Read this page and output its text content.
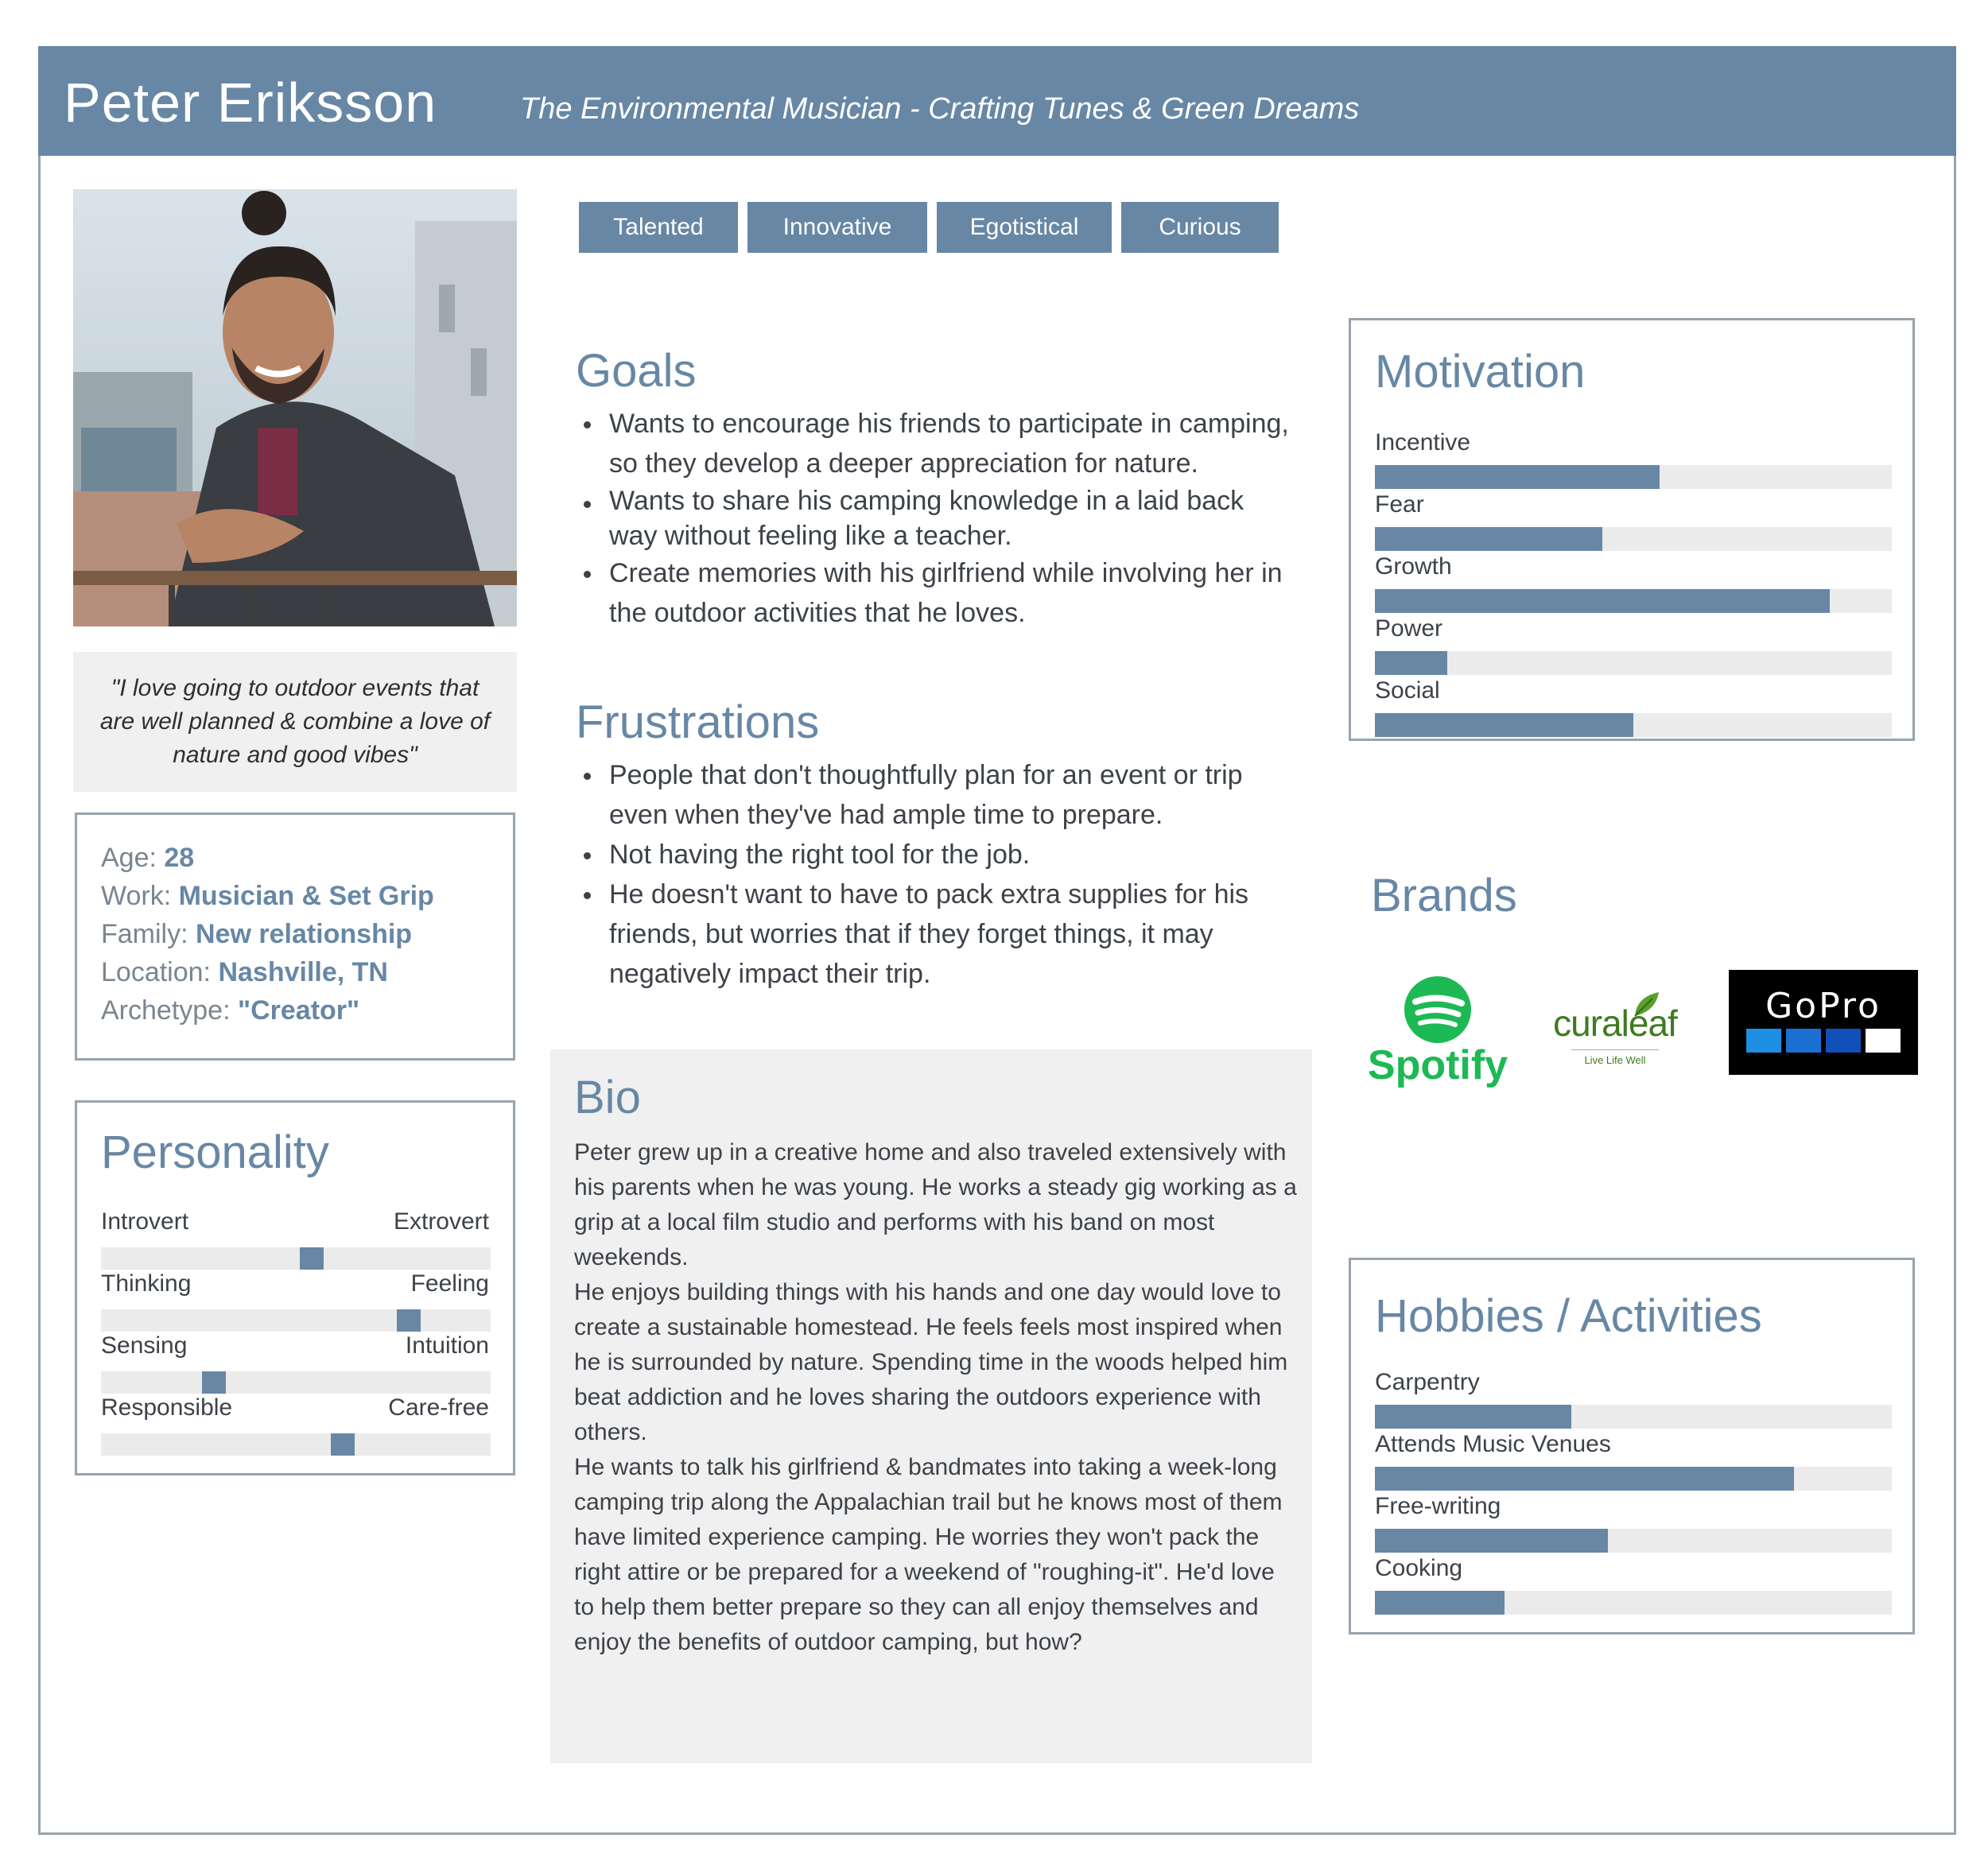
Peter Eriksson	The Environmental Musician - Crafting Tunes & Green Dreams
"I love going to outdoor events that are well planned & combine a love of nature and good vibes"
Age: 28
Work: Musician & Set Grip
Family: New relationship
Location: Nashville, TN
Archetype: "Creator"
Personality
Introvert	Extrovert
Thinking	Feeling
Sensing	Intuition
Responsible	Care-free
Talented	Innovative	Egotistical	Curious
Goals
Wants to encourage his friends to participate in camping, so they develop a deeper appreciation for nature.
Wants to share his camping knowledge in a laid back way without feeling like a teacher.
Create memories with his girlfriend while involving her in the outdoor activities that he loves.
Frustrations
People that don't thoughtfully plan for an event or trip even when they've had ample time to prepare.
Not having the right tool for the job.
He doesn't want to have to pack extra supplies for his friends, but worries that if they forget things, it may negatively impact their trip.
Bio

Peter grew up in a creative home and also traveled extensively with his parents when he was young. He works a steady gig working as a grip at a local film studio and performs with his band on most weekends.

He enjoys building things with his hands and one day would love to create a sustainable homestead. He feels feels most inspired when he is surrounded by nature. Spending time in the woods helped him beat addiction and he loves sharing the outdoors experience with others.

He wants to talk his girlfriend & bandmates into taking a week-long camping trip along the Appalachian trail but he knows most of them have limited experience camping. He worries they won't pack the right attire or be prepared for a weekend of "roughing-it". He'd love to help them better prepare so they can all enjoy themselves and enjoy the benefits of outdoor camping, but how?

Motivation
Incentive
Fear
Growth
Power
Social
Brands
Spotify
curaleaf
Live Life Well
GoPro
Hobbies / Activities
Carpentry
Attends Music Venues
Free-writing
Cooking
